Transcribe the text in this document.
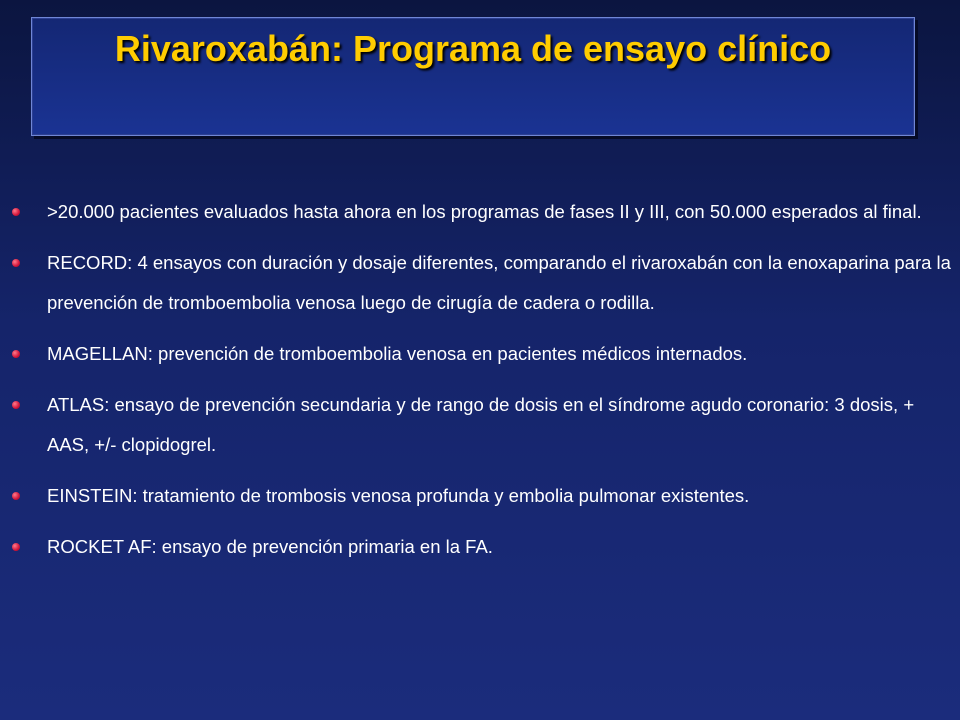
Rivaroxabán: Programa de ensayo clínico
>20.000 pacientes evaluados hasta ahora en los programas de fases II y III, con 50.000 esperados al final.
RECORD: 4 ensayos con duración y dosaje diferentes, comparando el rivaroxabán con la enoxaparina para la prevención de tromboembolia venosa luego de cirugía de cadera o rodilla.
MAGELLAN: prevención de tromboembolia venosa en pacientes médicos internados.
ATLAS: ensayo de prevención secundaria y de rango de dosis en el síndrome agudo coronario: 3 dosis, + AAS, +/- clopidogrel.
EINSTEIN: tratamiento de trombosis venosa profunda y embolia pulmonar existentes.
ROCKET AF: ensayo de prevención primaria en la FA.
